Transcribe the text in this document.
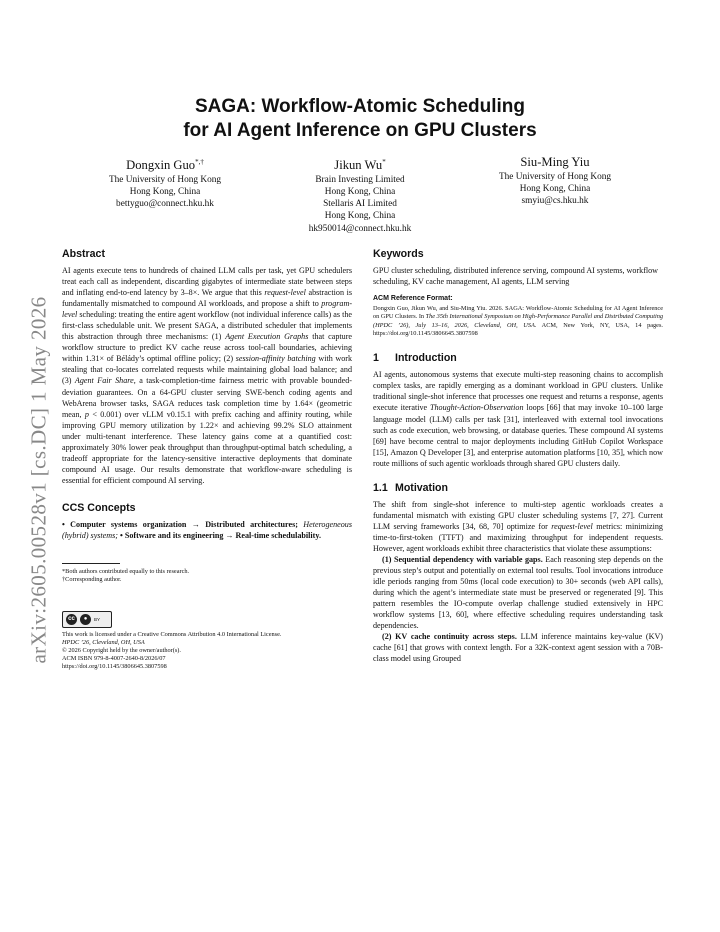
arXiv:2605.00528v1 [cs.DC] 1 May 2026
SAGA: Workflow-Atomic Scheduling
for AI Agent Inference on GPU Clusters
Dongxin Guo*,†
The University of Hong Kong
Hong Kong, China
bettyguo@connect.hku.hk
Jikun Wu*
Brain Investing Limited
Hong Kong, China
Stellaris AI Limited
Hong Kong, China
hk950014@connect.hku.hk
Siu-Ming Yiu
The University of Hong Kong
Hong Kong, China
smyiu@cs.hku.hk
Abstract

AI agents execute tens to hundreds of chained LLM calls per task, yet GPU schedulers treat each call as independent, discarding gigabytes of intermediate state between steps and inflating end-to-end latency by 3–8×. We argue that this request-level abstraction is fundamentally mismatched to compound AI workloads, and propose a shift to program-level scheduling: treating the entire agent workflow (not individual inference calls) as the first-class schedulable unit. We present SAGA, a distributed scheduler that implements this abstraction through three mechanisms: (1) Agent Execution Graphs that capture workflow structure to predict KV cache reuse across tool-call boundaries, achieving within 1.31× of Bélády’s optimal offline policy; (2) session-affinity batching with work stealing that co-locates correlated requests while maintaining global load balance; and (3) Agent Fair Share, a task-completion-time fairness metric with provable bounded-deviation guarantees. On a 64-GPU cluster serving SWE-bench coding agents and WebArena browser tasks, SAGA reduces task completion time by 1.64× (geometric mean, p < 0.001) over vLLM v0.15.1 with prefix caching and affinity routing, while improving GPU memory utilization by 1.22× and achieving 99.2% SLO attainment under multi-tenant interference. These latency gains come at a quantified cost: approximately 30% lower peak throughput than throughput-optimal batch scheduling, a tradeoff appropriate for the latency-sensitive interactive deployments that dominate compound AI usage. Our results demonstrate that workflow-aware scheduling is essential for efficient compound AI serving.

CCS Concepts

• Computer systems organization → Distributed architectures; Heterogeneous (hybrid) systems; • Software and its engineering → Real-time schedulability.

*Both authors contributed equally to this research.
†Corresponding author.
cc	●	BY
This work is licensed under a Creative Commons Attribution 4.0 International License.
HPDC ’26, Cleveland, OH, USA
© 2026 Copyright held by the owner/author(s).
ACM ISBN 979-8-4007-2640-8/2026/07
https://doi.org/10.1145/3806645.3807598
Keywords

GPU cluster scheduling, distributed inference serving, compound AI systems, workflow scheduling, KV cache management, AI agents, LLM serving

ACM Reference Format:

Dongxin Guo, Jikun Wu, and Siu-Ming Yiu. 2026. SAGA: Workflow-Atomic Scheduling for AI Agent Inference on GPU Clusters. In The 35th International Symposium on High-Performance Parallel and Distributed Computing (HPDC ’26), July 13–16, 2026, Cleveland, OH, USA. ACM, New York, NY, USA, 14 pages. https://doi.org/10.1145/3806645.3807598

1 Introduction

AI agents, autonomous systems that execute multi-step reasoning chains to accomplish complex tasks, are rapidly emerging as a dominant workload in GPU clusters. Unlike traditional single-shot inference that processes one request and returns a response, agents execute iterative Thought-Action-Observation loops [66] that may invoke 10–100 large language model (LLM) calls per task [31], interleaved with external tool invocations such as code execution, web browsing, or database queries. These compound AI systems [69] have become central to major deployments including GitHub Copilot Workspace [15], Amazon Q Developer [3], and enterprise automation platforms [10, 35], which now route millions of such agentic workloads through shared GPU clusters daily.

1.1 Motivation

The shift from single-shot inference to multi-step agentic workloads creates a fundamental mismatch with existing GPU cluster scheduling systems [7, 27]. Current LLM serving frameworks [34, 68, 70] optimize for request-level metrics: minimizing time-to-first-token (TTFT) and maximizing throughput for independent requests. However, agent workloads exhibit three characteristics that violate these assumptions:

(1) Sequential dependency with variable gaps. Each reasoning step depends on the previous step’s output and potentially on external tool results. Tool invocations introduce idle periods ranging from 50ms (local code execution) to 30+ seconds (web API calls), during which the agent’s intermediate state must be preserved or regenerated [9]. This pattern resembles the IO-compute overlap challenge studied extensively in HPC workflow systems [13, 60], where effective scheduling requires understanding task dependencies.

(2) KV cache continuity across steps. LLM inference maintains key-value (KV) cache [61] that grows with context length. For a 32K-context agent session with a 70B-class model using Grouped
